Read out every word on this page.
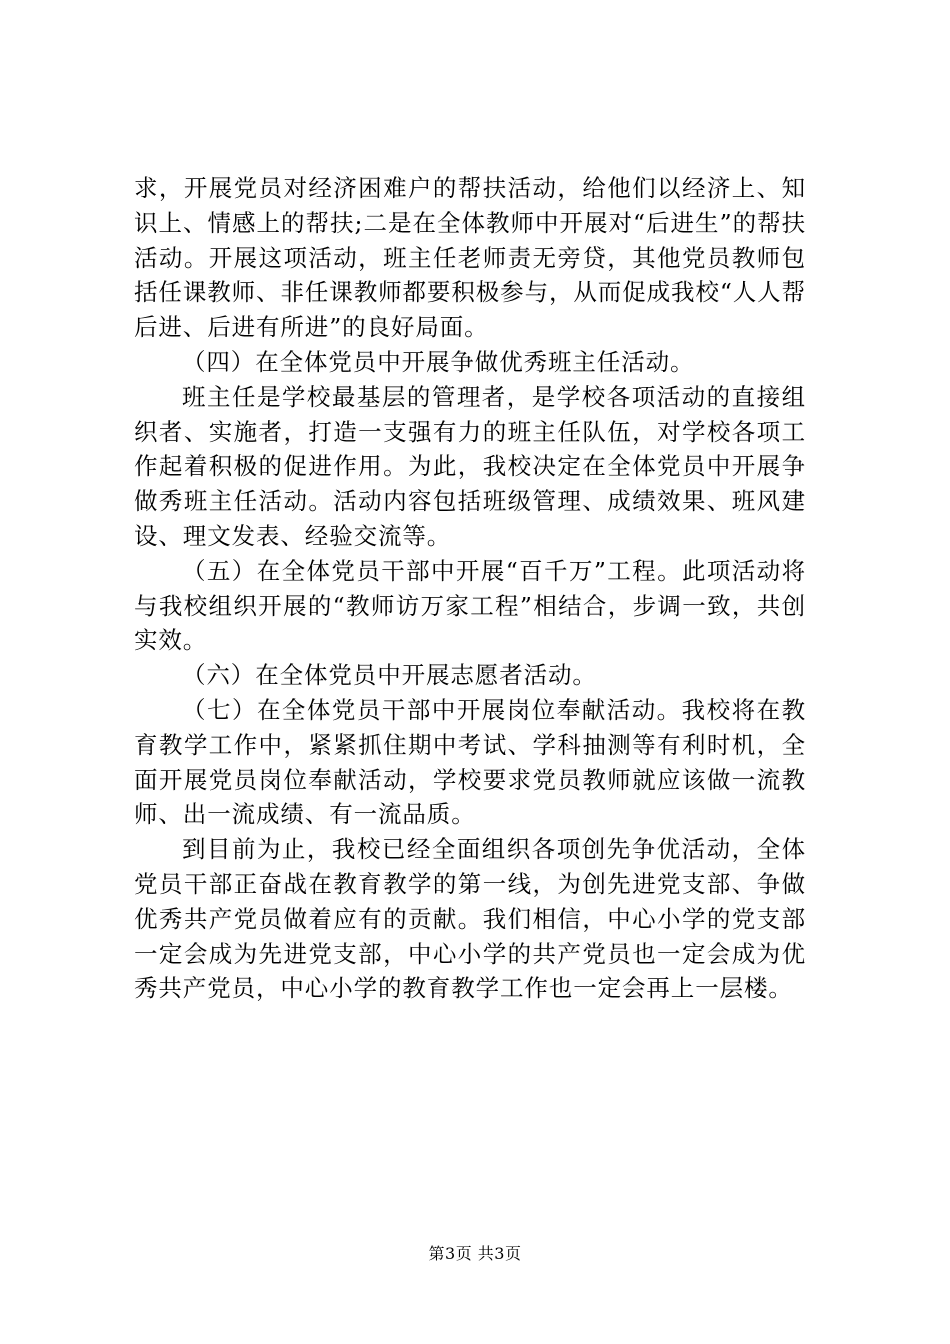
求，开展党员对经济困难户的帮扶活动，给他们以经济上、知识上、情感上的帮扶;二是在全体教师中开展对“后进生”的帮扶活动。开展这项活动，班主任老师责无旁贷，其他党员教师包括任课教师、非任课教师都要积极参与，从而促成我校“人人帮后进、后进有所进”的良好局面。

（四）在全体党员中开展争做优秀班主任活动。

班主任是学校最基层的管理者，是学校各项活动的直接组织者、实施者，打造一支强有力的班主任队伍，对学校各项工作起着积极的促进作用。为此，我校决定在全体党员中开展争做秀班主任活动。活动内容包括班级管理、成绩效果、班风建设、理文发表、经验交流等。

（五）在全体党员干部中开展“百千万”工程。此项活动将与我校组织开展的“教师访万家工程”相结合，步调一致，共创实效。

（六）在全体党员中开展志愿者活动。

（七）在全体党员干部中开展岗位奉献活动。我校将在教育教学工作中，紧紧抓住期中考试、学科抽测等有利时机，全面开展党员岗位奉献活动，学校要求党员教师就应该做一流教师、出一流成绩、有一流品质。

到目前为止，我校已经全面组织各项创先争优活动，全体党员干部正奋战在教育教学的第一线，为创先进党支部、争做优秀共产党员做着应有的贡献。我们相信，中心小学的党支部一定会成为先进党支部，中心小学的共产党员也一定会成为优秀共产党员，中心小学的教育教学工作也一定会再上一层楼。

第3页 共3页
